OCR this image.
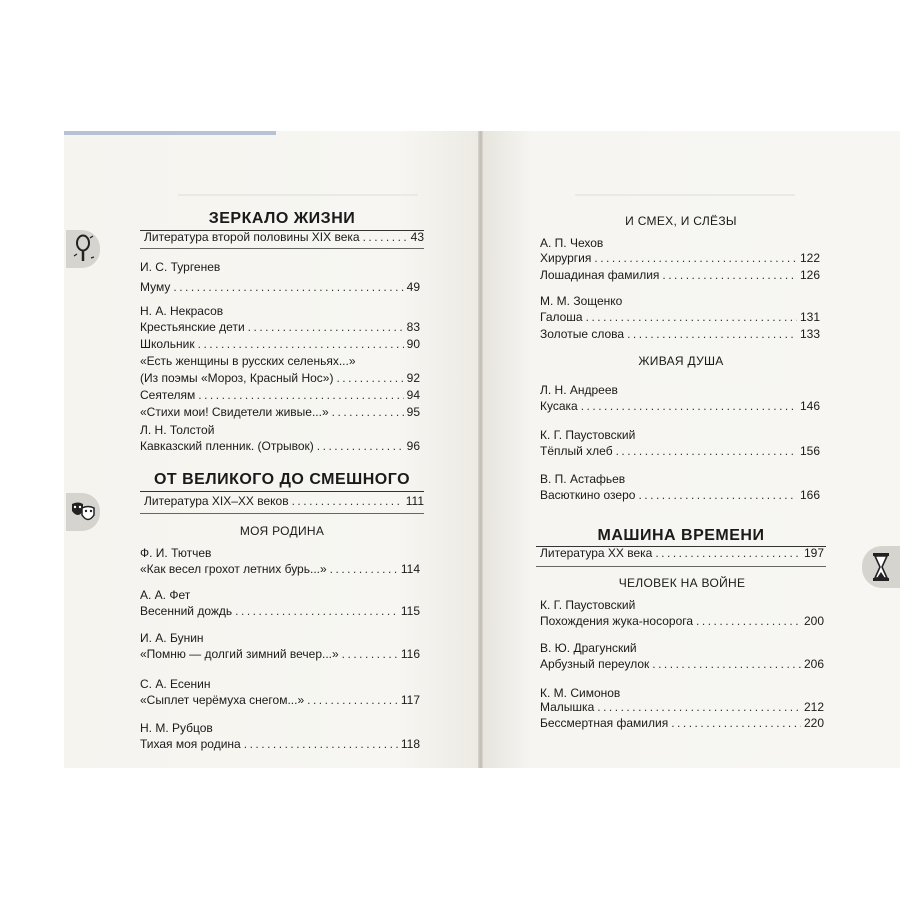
ЗЕРКАЛО ЖИЗНИ
Литература второй половины XIX века .....	43
И. С. Тургенев
Муму .....	49
Н. А. Некрасов
Крестьянские дети .....	83
Школьник .....	90
«Есть женщины в русских селеньях...»
(Из поэмы «Мороз, Красный Нос») .....	92
Сеятелям .....	94
«Стихи мои! Свидетели живые...» .....	95
Л. Н. Толстой
Кавказский пленник. (Отрывок) .....	96
ОТ ВЕЛИКОГО ДО СМЕШНОГО
Литература XIX–XX веков .....	111
МОЯ РОДИНА
Ф. И. Тютчев
«Как весел грохот летних бурь...» .....	114
А. А. Фет
Весенний дождь .....	115
И. А. Бунин
«Помню — долгий зимний вечер...» .....	116
С. А. Есенин
«Сыплет черёмуха снегом...» .....	117
Н. М. Рубцов
Тихая моя родина .....	118
И СМЕХ, И СЛЁЗЫ
А. П. Чехов
Хирургия .....	122
Лошадиная фамилия .....	126
М. М. Зощенко
Галоша .....	131
Золотые слова .....	133
ЖИВАЯ ДУША
Л. Н. Андреев
Кусака .....	146
К. Г. Паустовский
Тёплый хлеб .....	156
В. П. Астафьев
Васюткино озеро .....	166
МАШИНА ВРЕМЕНИ
Литература XX века .....	197
ЧЕЛОВЕК НА ВОЙНЕ
К. Г. Паустовский
Похождения жука-носорога .....	200
В. Ю. Драгунский
Арбузный переулок .....	206
К. М. Симонов
Малышка .....	212
Бессмертная фамилия .....	220
